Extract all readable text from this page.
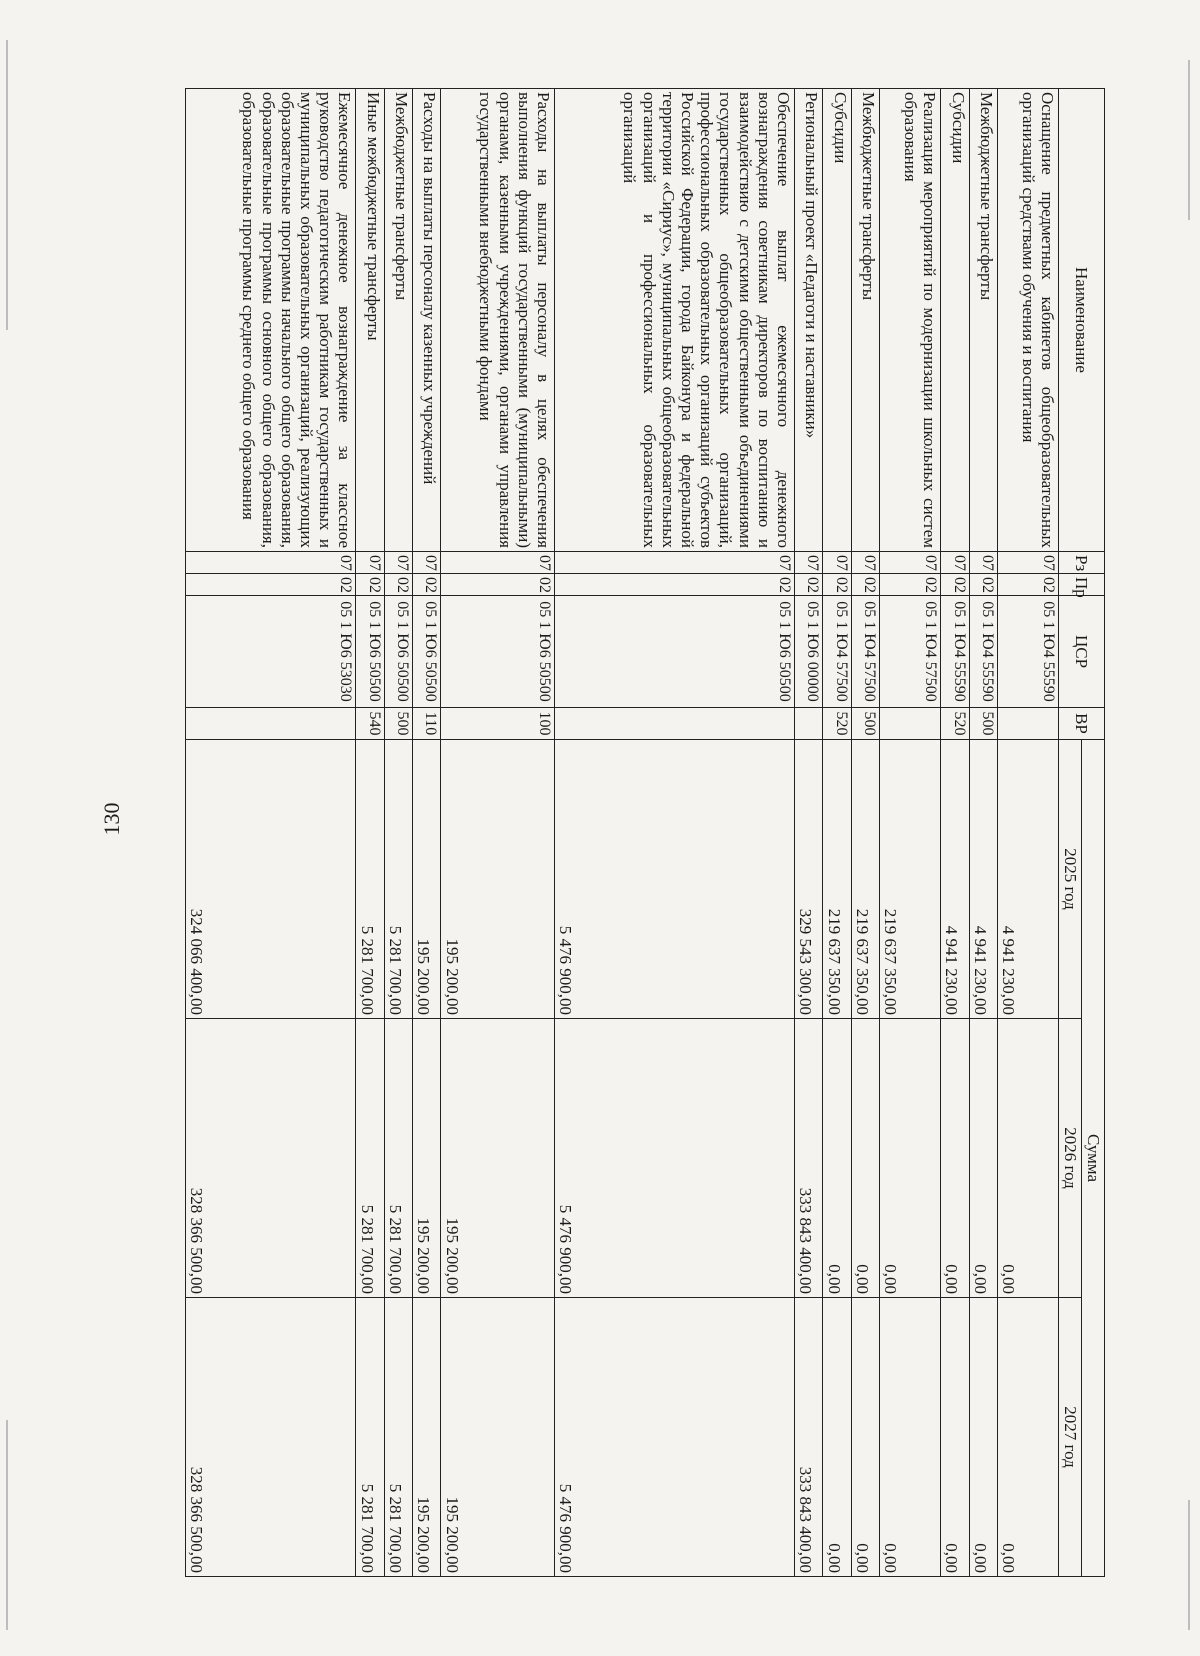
130
Наименование	Рз	Пр	ЦСР	ВР	Сумма		
					2025 год	2026 год	2027 год
Оснащение предметных кабинетов общеобразовательных организаций средствами обучения и воспитания	07	02	05 1 Ю4 55590		4 941 230,00	0,00	0,00
Межбюджетные трансферты	07	02	05 1 Ю4 55590	500	4 941 230,00	0,00	0,00
Субсидии	07	02	05 1 Ю4 55590	520	4 941 230,00	0,00	0,00
Реализация мероприятий по модернизации школьных систем образования	07	02	05 1 Ю4 57500		219 637 350,00	0,00	0,00
Межбюджетные трансферты	07	02	05 1 Ю4 57500	500	219 637 350,00	0,00	0,00
Субсидии	07	02	05 1 Ю4 57500	520	219 637 350,00	0,00	0,00
Региональный проект «Педагоги и наставники»	07	02	05 1 Ю6 00000		329 543 300,00	333 843 400,00	333 843 400,00
Обеспечение выплат ежемесячного денежного вознаграждения советникам директоров по воспитанию и взаимодействию с детскими общественными объединениями государственных общеобразовательных организаций, профессиональных образовательных организаций субъектов Российской Федерации, города Байконура и федеральной территории «Сириус», муниципальных общеобразовательных организаций и профессиональных образовательных организаций	07	02	05 1 Ю6 50500		5 476 900,00	5 476 900,00	5 476 900,00
Расходы на выплаты персоналу в целях обеспечения выполнения функций государственными (муниципальными) органами, казенными учреждениями, органами управления государственными внебюджетными фондами	07	02	05 1 Ю6 50500	100	195 200,00	195 200,00	195 200,00
Расходы на выплаты персоналу казенных учреждений	07	02	05 1 Ю6 50500	110	195 200,00	195 200,00	195 200,00
Межбюджетные трансферты	07	02	05 1 Ю6 50500	500	5 281 700,00	5 281 700,00	5 281 700,00
Иные межбюджетные трансферты	07	02	05 1 Ю6 50500	540	5 281 700,00	5 281 700,00	5 281 700,00
Ежемесячное денежное вознаграждение за классное руководство педагогическим работникам государственных и муниципальных образовательных организаций, реализующих образовательные программы начального общего образования, образовательные программы основного общего образования, образовательные программы среднего общего образования	07	02	05 1 Ю6 53030		324 066 400,00	328 366 500,00	328 366 500,00
